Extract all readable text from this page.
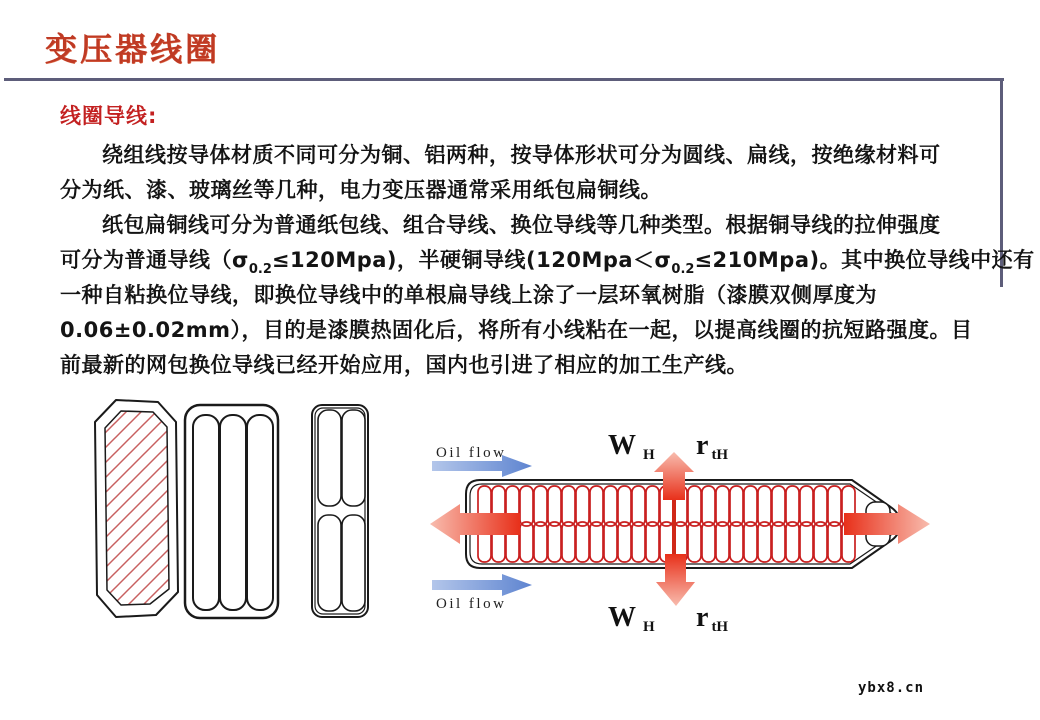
变压器线圈
线圈导线:
绕组线按导体材质不同可分为铜、铝两种，按导体形状可分为圆线、扁线，按绝缘材料可
分为纸、漆、玻璃丝等几种，电力变压器通常采用纸包扁铜线。
纸包扁铜线可分为普通纸包线、组合导线、换位导线等几种类型。根据铜导线的拉伸强度
可分为普通导线$(\sigma_{0.2}\le 120Mpa)$，半硬铜导线$(120Mpa<\sigma_{0.2}\le 210Mpa)$。其中换位导线中还有
一种自粘换位导线，即换位导线中的单根扁导线上涂了一层环氧树脂（漆膜双侧厚度为
0.06±0.02mm），目的是漆膜热固化后，将所有小线粘在一起，以提高线圈的抗短路强度。目
前最新的网包换位导线已经开始应用，国内也引进了相应的加工生产线。
Oil flow
Oil flow
W H rtH
W H rtH
ybx8.cn
